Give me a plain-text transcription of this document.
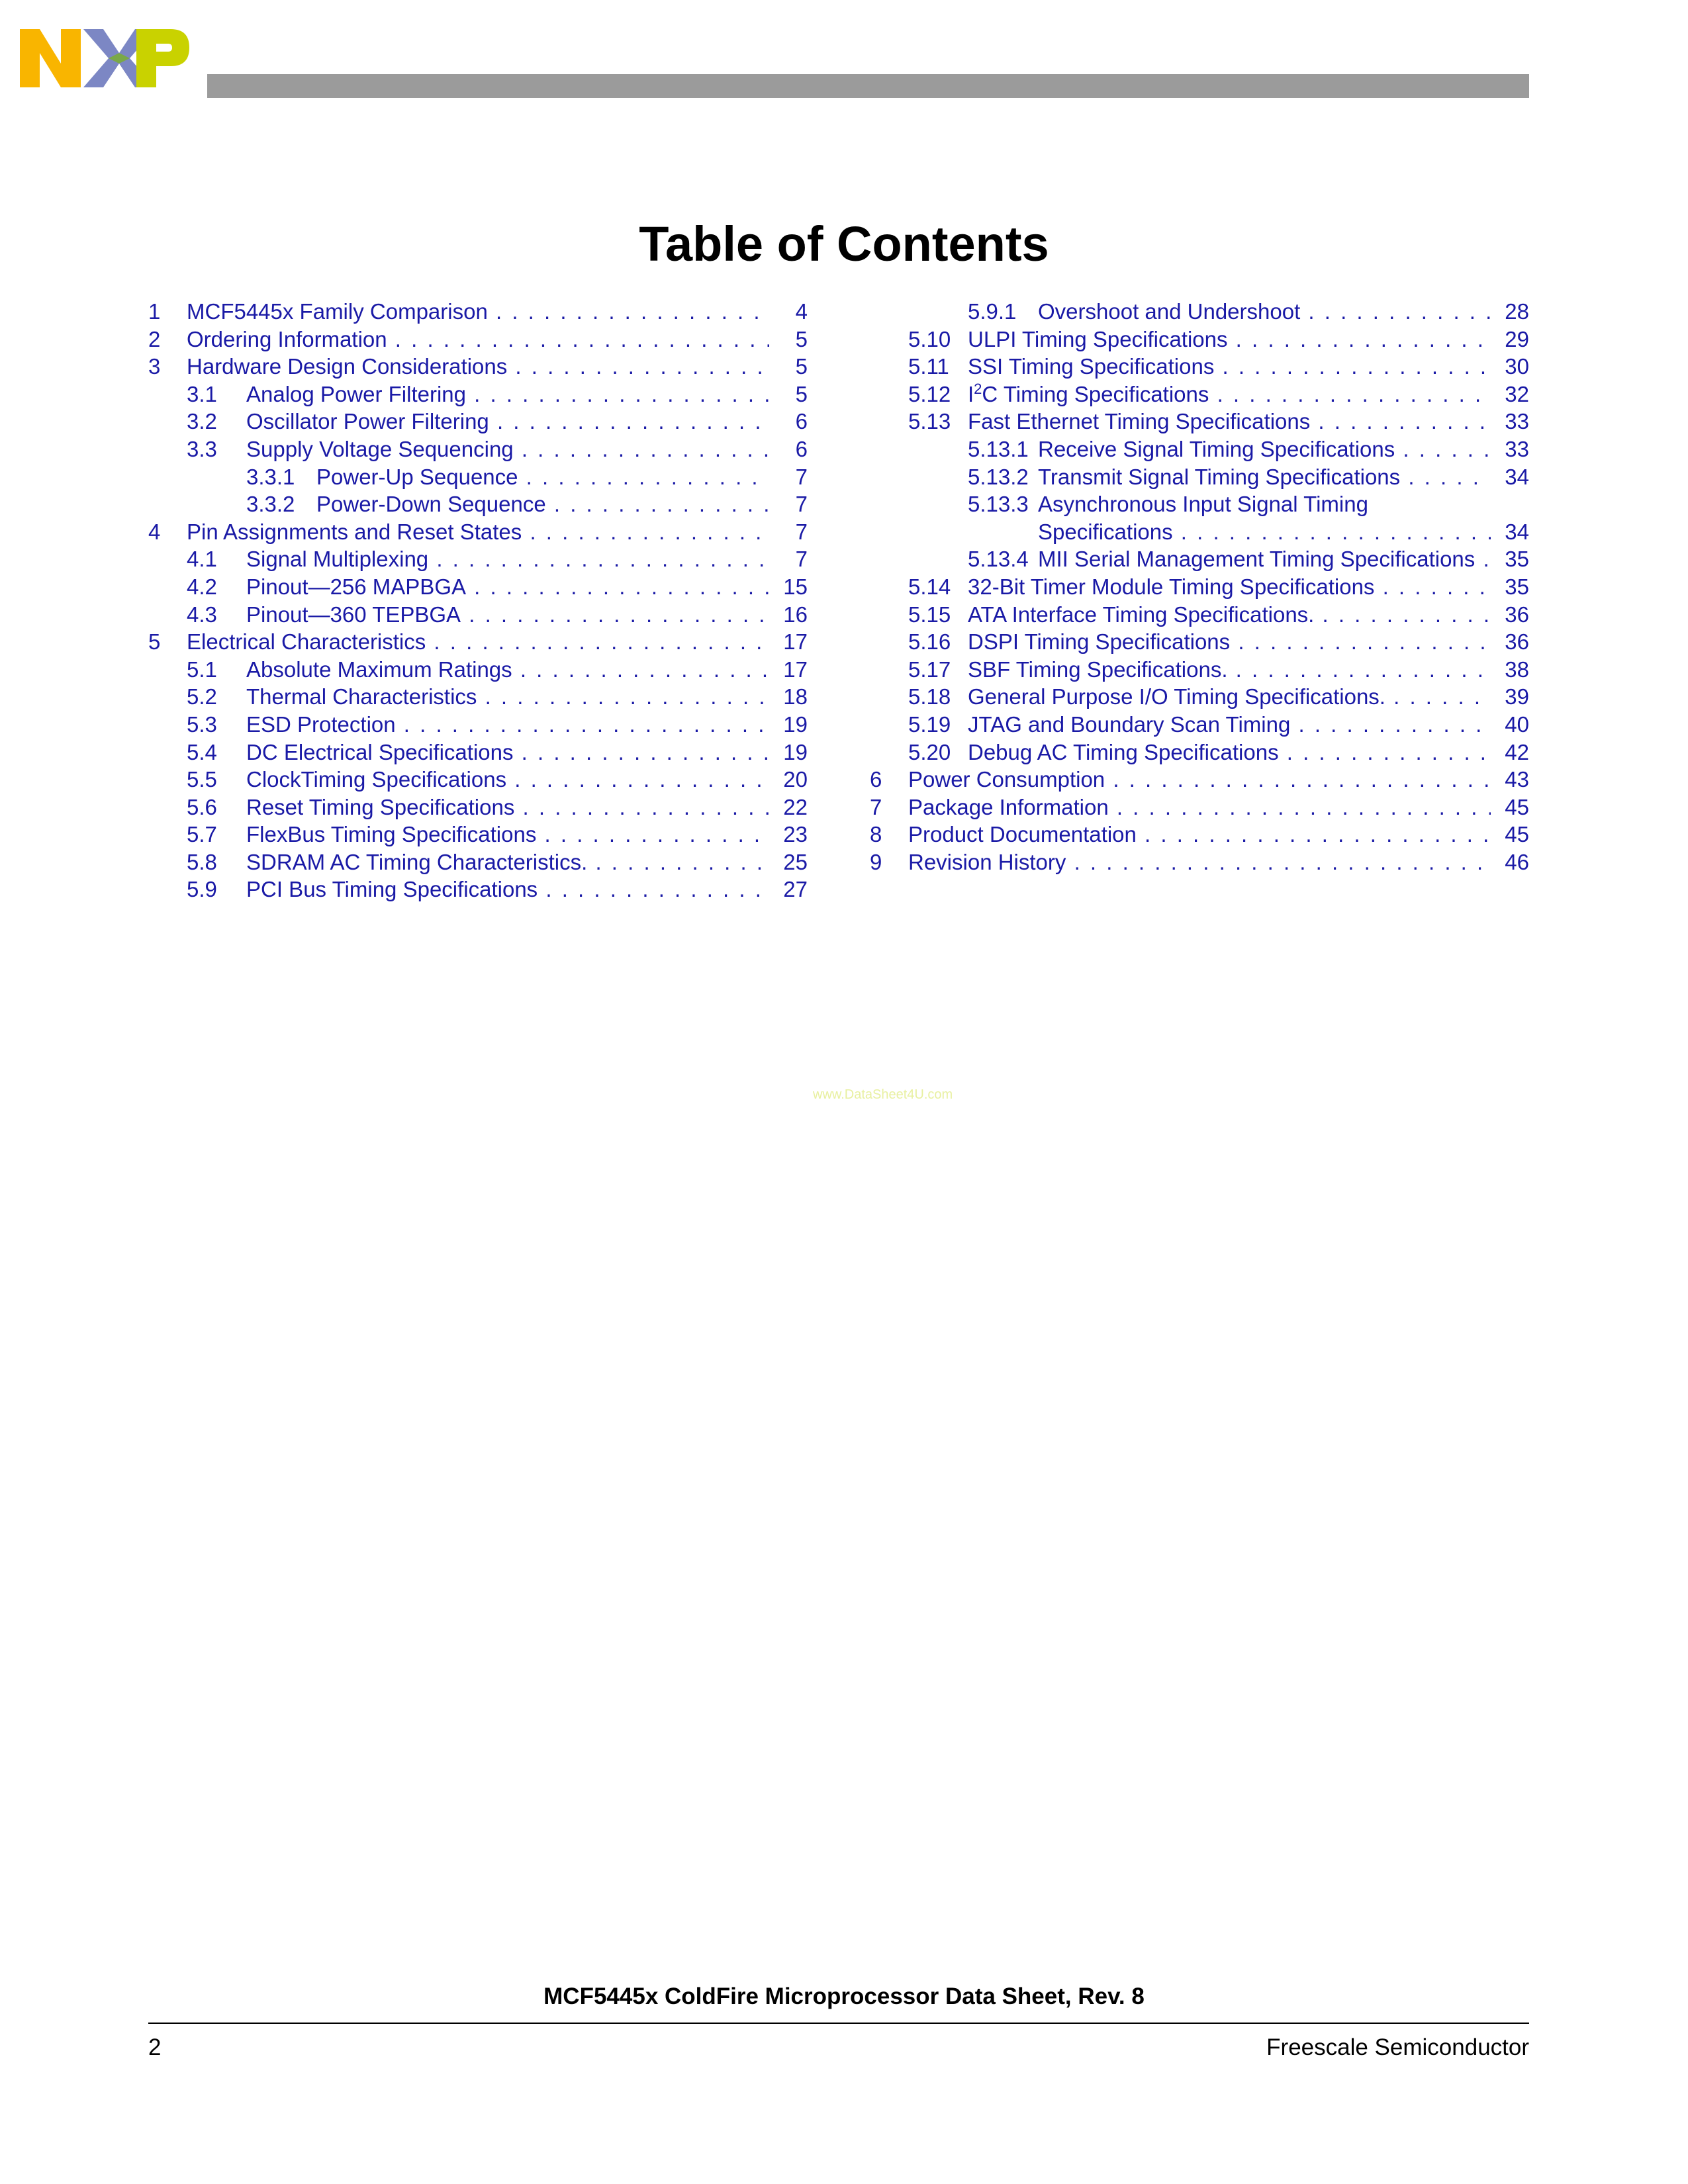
Table of Contents
1 MCF5445x Family Comparison . . .	4
2 Ordering Information . . .	5
3 Hardware Design Considerations . . .	5
3.1 Analog Power Filtering . . .	5
3.2 Oscillator Power Filtering . . .	6
3.3 Supply Voltage Sequencing . . .	6
3.3.1 Power-Up Sequence . . .	7
3.3.2 Power-Down Sequence . . .	7
4 Pin Assignments and Reset States . . .	7
4.1 Signal Multiplexing . . .	7
4.2 Pinout—256 MAPBGA . . .	15
4.3 Pinout—360 TEPBGA . . .	16
5 Electrical Characteristics . . .	17
5.1 Absolute Maximum Ratings . . .	17
5.2 Thermal Characteristics . . .	18
5.3 ESD Protection . . .	19
5.4 DC Electrical Specifications . . .	19
5.5 ClockTiming Specifications . . .	20
5.6 Reset Timing Specifications . . .	22
5.7 FlexBus Timing Specifications . . .	23
5.8 SDRAM AC Timing Characteristics. . . .	25
5.9 PCI Bus Timing Specifications . . .	27
5.9.1 Overshoot and Undershoot . . .	28
5.10 ULPI Timing Specifications . . .	29
5.11 SSI Timing Specifications . . .	30
5.12 $I^2C$ Timing Specifications . . .	32
5.13 Fast Ethernet Timing Specifications . . .	33
5.13.1 Receive Signal Timing Specifications . . .	33
5.13.2 Transmit Signal Timing Specifications . . .	34
5.13.3 Asynchronous Input Signal Timing
Specifications . . .	34
5.13.4 MII Serial Management Timing Specifications . . .	35
5.14 32-Bit Timer Module Timing Specifications . . .	35
5.15 ATA Interface Timing Specifications. . . .	36
5.16 DSPI Timing Specifications . . .	36
5.17 SBF Timing Specifications. . . .	38
5.18 General Purpose I/O Timing Specifications. . . .	39
5.19 JTAG and Boundary Scan Timing . . .	40
5.20 Debug AC Timing Specifications . . .	42
6 Power Consumption . . .	43
7 Package Information . . .	45
8 Product Documentation . . .	45
9 Revision History . . .	46
www.DataSheet4U.com
MCF5445x ColdFire Microprocessor Data Sheet, Rev. 8
2	Freescale Semiconductor
